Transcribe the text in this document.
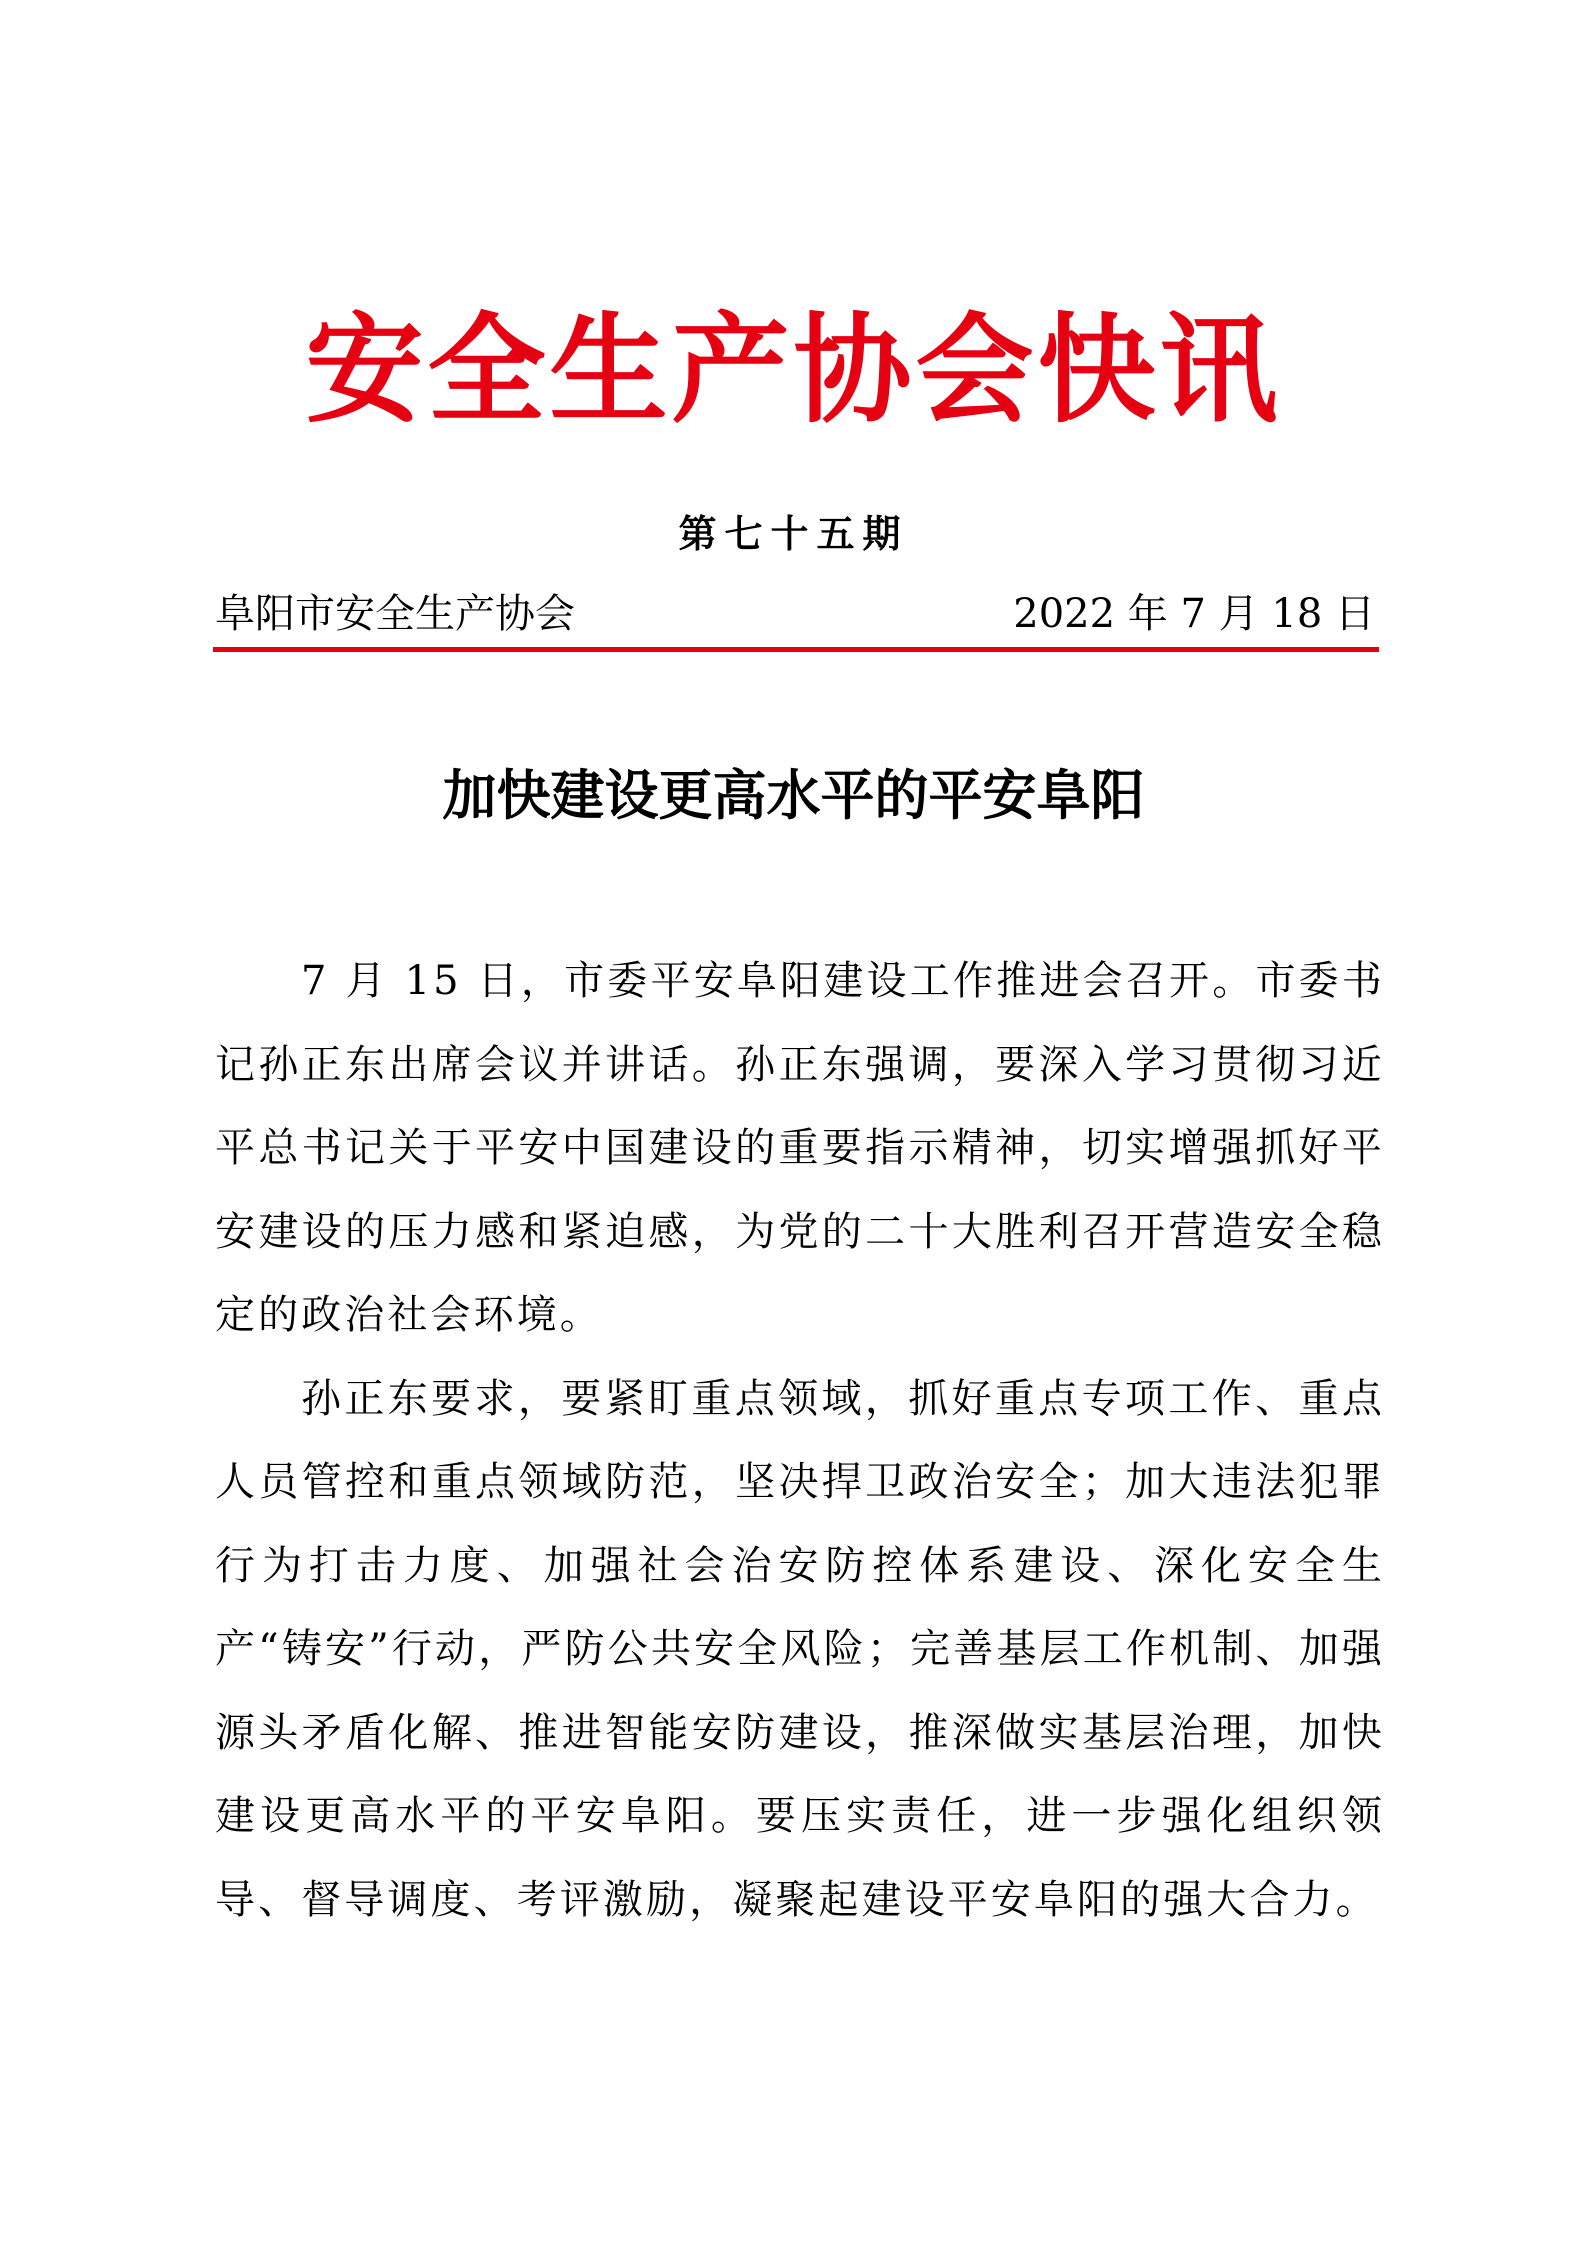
安全生产协会快讯
第七十五期
阜阳市安全生产协会	2022 年 7 月 18 日
加快建设更高水平的平安阜阳

7 月 15 日，市委平安阜阳建设工作推进会召开。市委书记孙正东出席会议并讲话。孙正东强调，要深入学习贯彻习近平总书记关于平安中国建设的重要指示精神，切实增强抓好平安建设的压力感和紧迫感，为党的二十大胜利召开营造安全稳定的政治社会环境。

孙正东要求，要紧盯重点领域，抓好重点专项工作、重点人员管控和重点领域防范，坚决捍卫政治安全；加大违法犯罪行为打击力度、加强社会治安防控体系建设、深化安全生产“铸安”行动，严防公共安全风险；完善基层工作机制、加强源头矛盾化解、推进智能安防建设，推深做实基层治理，加快建设更高水平的平安阜阳。要压实责任，进一步强化组织领导、督导调度、考评激励，凝聚起建设平安阜阳的强大合力。
